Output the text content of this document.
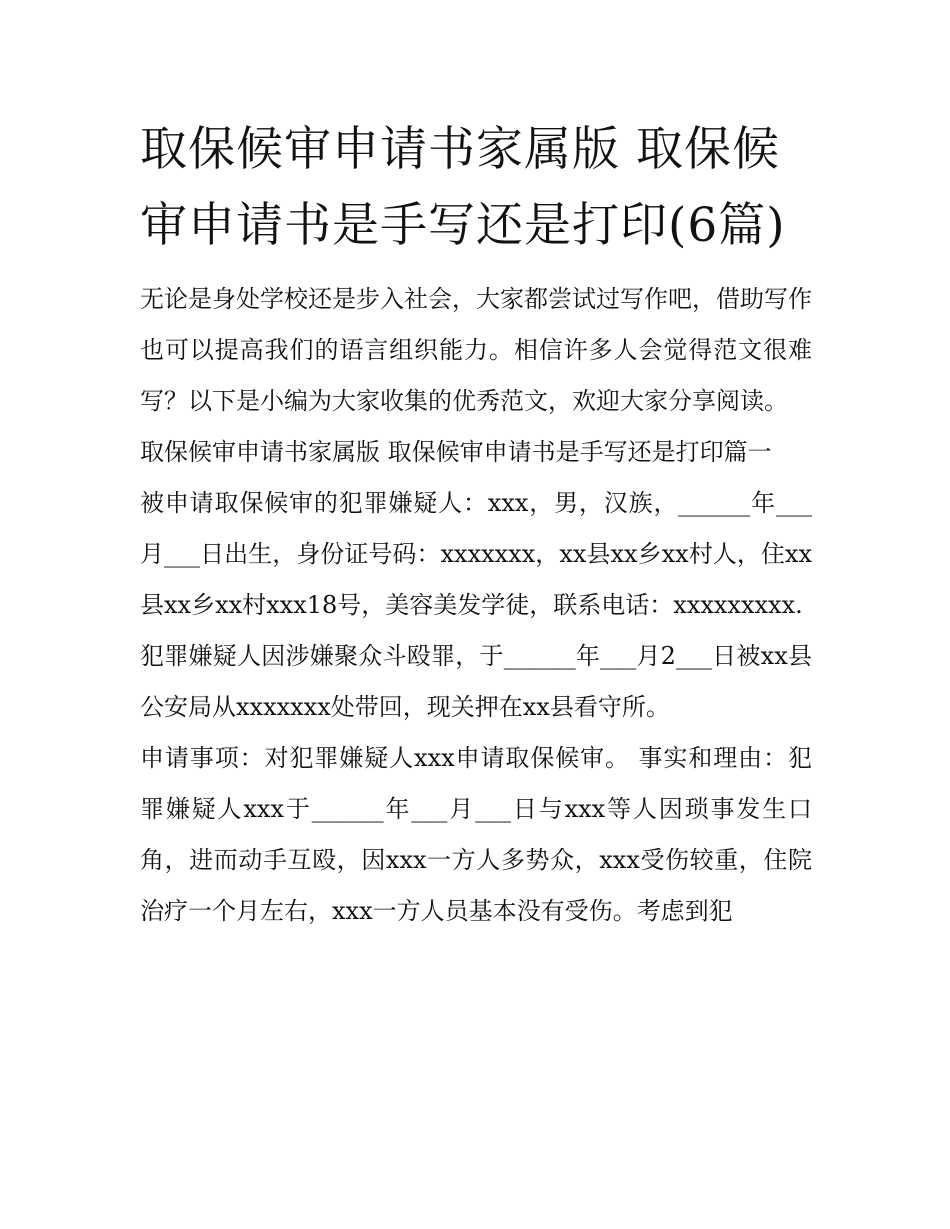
取保候审申请书家属版 取保候审申请书是手写还是打印(6篇)

无论是身处学校还是步入社会，大家都尝试过写作吧，借助写作也可以提高我们的语言组织能力。相信许多人会觉得范文很难写？以下是小编为大家收集的优秀范文，欢迎大家分享阅读。

取保候审申请书家属版 取保候审申请书是手写还是打印篇一

被申请取保候审的犯罪嫌疑人：xxx，男，汉族，______年___月___日出生，身份证号码：xxxxxxx，xx县xx乡xx村人，住xx县xx乡xx村xxx18号，美容美发学徒，联系电话：xxxxxxxxx.

犯罪嫌疑人因涉嫌聚众斗殴罪，于______年___月2___日被xx县公安局从xxxxxxx处带回，现关押在xx县看守所。

申请事项：对犯罪嫌疑人xxx申请取保候审。 事实和理由：犯罪嫌疑人xxx于______年___月___日与xxx等人因琐事发生口角，进而动手互殴，因xxx一方人多势众，xxx受伤较重，住院治疗一个月左右，xxx一方人员基本没有受伤。考虑到犯
